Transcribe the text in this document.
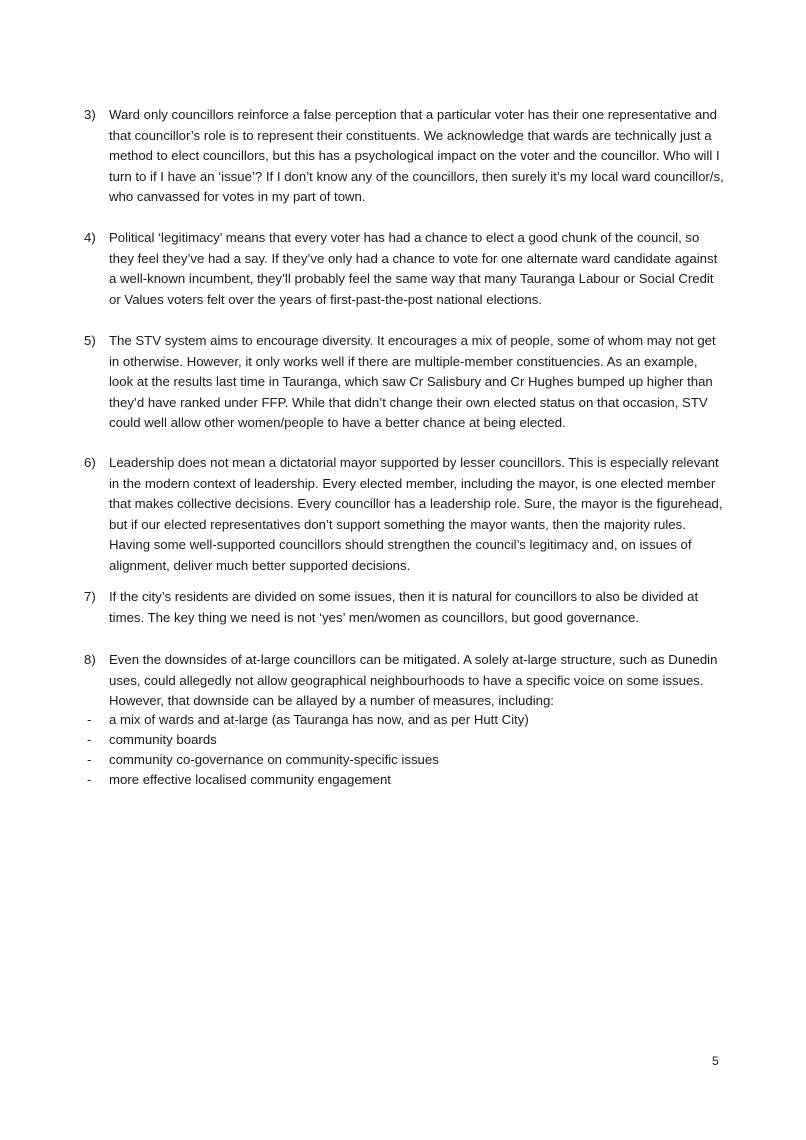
3)	Ward only councillors reinforce a false perception that a particular voter has their one representative and that councillor’s role is to represent their constituents. We acknowledge that wards are technically just a method to elect councillors, but this has a psychological impact on the voter and the councillor. Who will I turn to if I have an ‘issue’? If I don’t know any of the councillors, then surely it’s my local ward councillor/s, who canvassed for votes in my part of town.
4)	Political ‘legitimacy’ means that every voter has had a chance to elect a good chunk of the council, so they feel they’ve had a say. If they’ve only had a chance to vote for one alternate ward candidate against a well-known incumbent, they’ll probably feel the same way that many Tauranga Labour or Social Credit or Values voters felt over the years of first-past-the-post national elections.
5)	The STV system aims to encourage diversity. It encourages a mix of people, some of whom may not get in otherwise. However, it only works well if there are multiple-member constituencies. As an example, look at the results last time in Tauranga, which saw Cr Salisbury and Cr Hughes bumped up higher than they’d have ranked under FFP. While that didn’t change their own elected status on that occasion, STV could well allow other women/people to have a better chance at being elected.
6)	Leadership does not mean a dictatorial mayor supported by lesser councillors. This is especially relevant in the modern context of leadership. Every elected member, including the mayor, is one elected member that makes collective decisions. Every councillor has a leadership role. Sure, the mayor is the figurehead, but if our elected representatives don’t support something the mayor wants, then the majority rules. Having some well-supported councillors should strengthen the council’s legitimacy and, on issues of alignment, deliver much better supported decisions.
7)	If the city’s residents are divided on some issues, then it is natural for councillors to also be divided at times. The key thing we need is not ‘yes’ men/women as councillors, but good governance.
8)	Even the downsides of at-large councillors can be mitigated. A solely at-large structure, such as Dunedin uses, could allegedly not allow geographical neighbourhoods to have a specific voice on some issues. However, that downside can be allayed by a number of measures, including:
- a mix of wards and at-large (as Tauranga has now, and as per Hutt City)
- community boards
- community co-governance on community-specific issues
- more effective localised community engagement
5
